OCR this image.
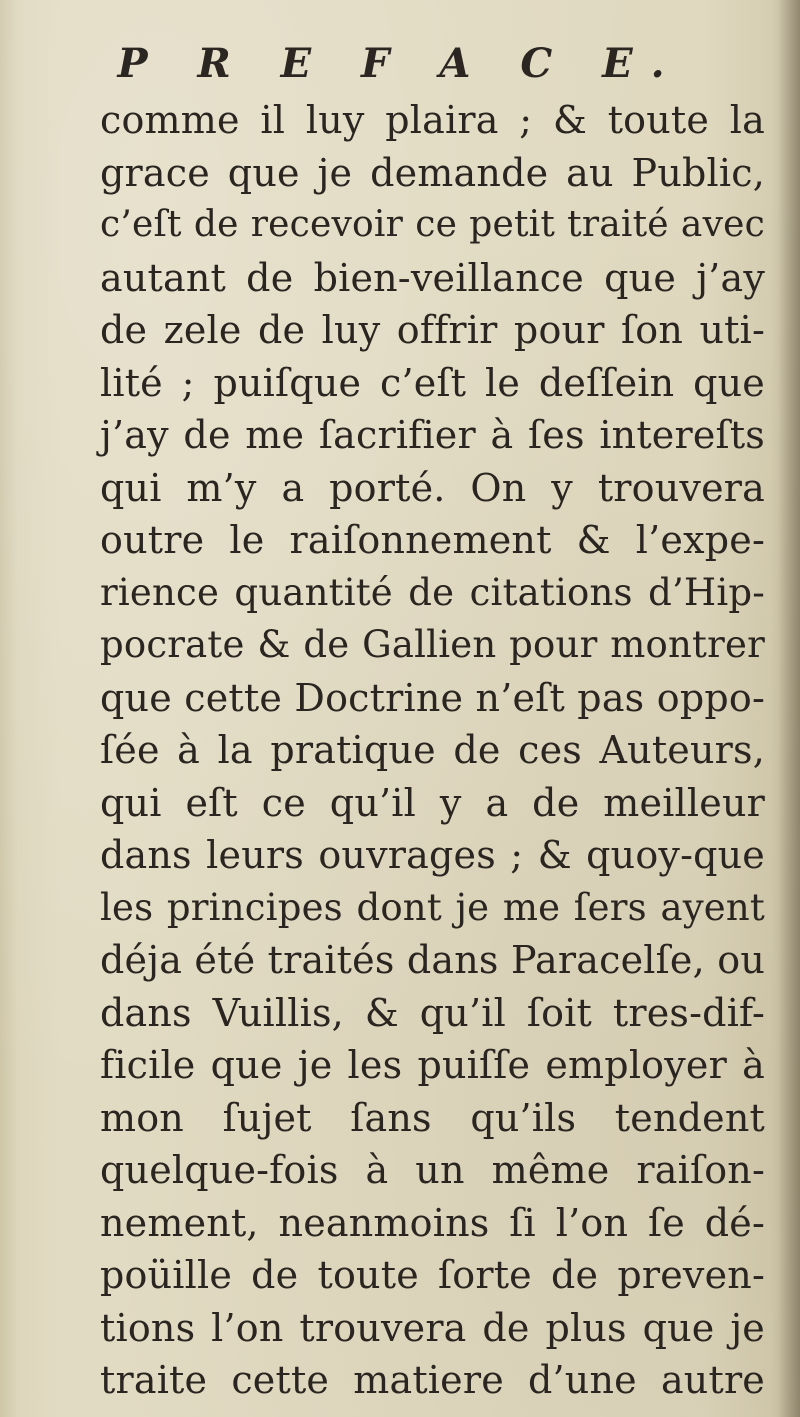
P R E F A C E.
comme il luy plaira ; & toute la
grace que je demande au Public,
c’eſt de recevoir ce petit traité avec
autant de bien-veillance que j’ay
de zele de luy offrir pour ſon uti-
lité ; puiſque c’eſt le deſſein que
j’ay de me ſacrifier à ſes intereſts
qui m’y a porté. On y trouvera
outre le raiſonnement & l’expe-
rience quantité de citations d’Hip-
pocrate & de Gallien pour montrer
que cette Doctrine n’eſt pas oppo-
ſée à la pratique de ces Auteurs,
qui eſt ce qu’il y a de meilleur
dans leurs ouvrages ; & quoy-que
les principes dont je me ſers ayent
déja été traités dans Paracelſe, ou
dans Vuillis, & qu’il ſoit tres-dif-
ficile que je les puiſſe employer à
mon ſujet ſans qu’ils tendent
quelque-fois à un même raiſon-
nement, neanmoins ſi l’on ſe dé-
poüille de toute ſorte de preven-
tions l’on trouvera de plus que je
traite cette matiere d’une autre
